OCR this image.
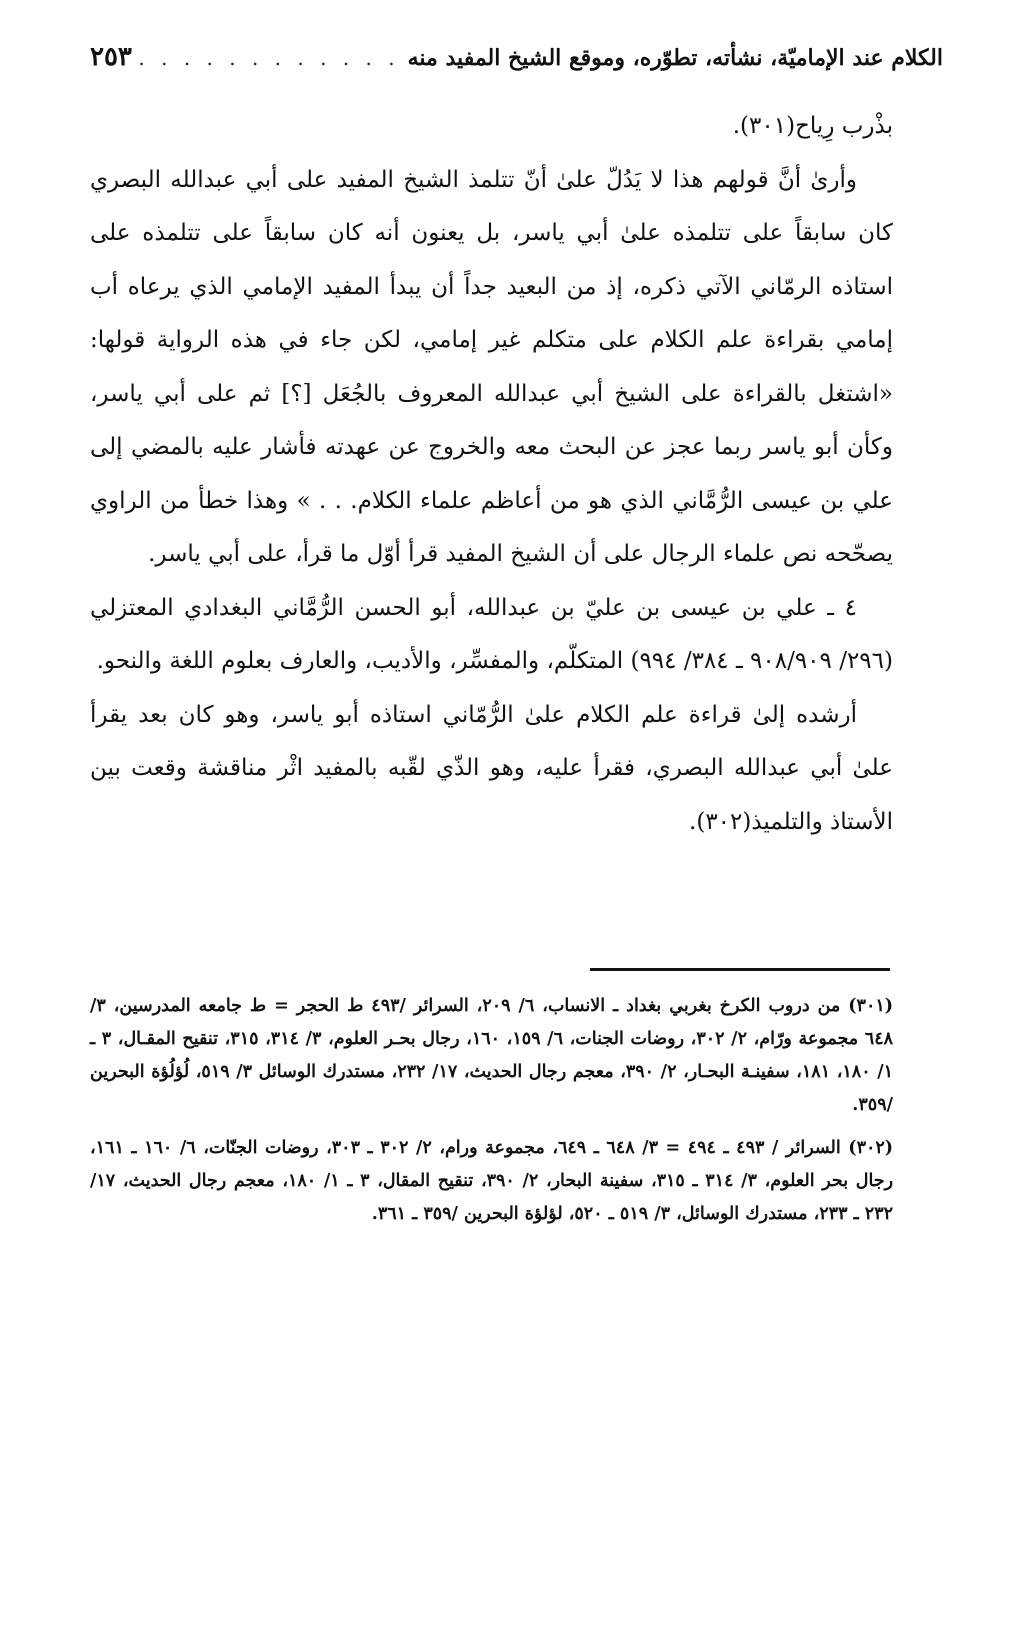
الكلام عند الإماميّة، نشأته، تطوّره، وموقع الشيخ المفيد منه
. . .
٢٥٣

بذْرب رِياح(٣٠١).

وأرىٰ أنَّ قولهم هذا لا يَدُلّ علىٰ أنّ تتلمذ الشيخ المفيد على أبي عبدالله البصري كان سابقاً على تتلمذه علىٰ أبي ياسر، بل يعنون أنه كان سابقاً على تتلمذه على استاذه الرمّاني الآتي ذكره، إذ من البعيد جداً أن يبدأ المفيد الإمامي الذي يرعاه أب إمامي بقراءة علم الكلام على متكلم غير إمامي، لكن جاء في هذه الرواية قولها: «اشتغل بالقراءة على الشيخ أبي عبدالله المعروف بالجُعَل [؟] ثم على أبي ياسر، وكأن أبو ياسر ربما عجز عن البحث معه والخروج عن عهدته فأشار عليه بالمضي إلى علي بن عيسى الرُّمَّاني الذي هو من أعاظم علماء الكلام. . . » وهذا خطأ من الراوي يصحّحه نص علماء الرجال على أن الشيخ المفيد قرأ أوّل ما قرأ، على أبي ياسر.

٤ ـ علي بن عيسى بن عليّ بن عبدالله، أبو الحسن الرُّمَّاني البغدادي المعتزلي (٢٩٦/ ٩٠٨/٩٠٩ ـ ٣٨٤/ ٩٩٤) المتكلّم، والمفسِّر، والأديب، والعارف بعلوم اللغة والنحو.

أرشده إلىٰ قراءة علم الكلام علىٰ الرُّمّاني استاذه أبو ياسر، وهو كان بعد يقرأ علىٰ أبي عبدالله البصري، فقرأ عليه، وهو الذّي لقّبه بالمفيد اثْر مناقشة وقعت بين الأستاذ والتلميذ(٣٠٢).

(٣٠١) من دروب الكرخ بغربي بغداد ـ الانساب، ٦/ ٢٠٩، السرائر /٤٩٣ ط الحجر = ط جامعه المدرسين، ٣/ ٦٤٨ مجموعة ورّام، ٢/ ٣٠٢، روضات الجنات، ٦/ ١٥٩، ١٦٠، رجال بحـر العلوم، ٣/ ٣١٤، ٣١٥، تنقيح المقـال، ٣ ـ ١/ ١٨٠، ١٨١، سفينـة البحـار، ٢/ ٣٩٠، معجم رجال الحديث، ١٧/ ٢٣٢، مستدرك الوسائل ٣/ ٥١٩، لُؤلُؤة البحرين /٣٥٩.

(٣٠٢) السرائر / ٤٩٣ ـ ٤٩٤ = ٣/ ٦٤٨ ـ ٦٤٩، مجموعة ورام، ٢/ ٣٠٢ ـ ٣٠٣، روضات الجنّات، ٦/ ١٦٠ ـ ١٦١، رجال بحر العلوم، ٣/ ٣١٤ ـ ٣١٥، سفينة البحار، ٢/ ٣٩٠، تنقيح المقال، ٣ ـ ١/ ١٨٠، معجم رجال الحديث، ١٧/ ٢٣٢ ـ ٢٣٣، مستدرك الوسائل، ٣/ ٥١٩ ـ ٥٢٠، لؤلؤة البحرين /٣٥٩ ـ ٣٦١.
